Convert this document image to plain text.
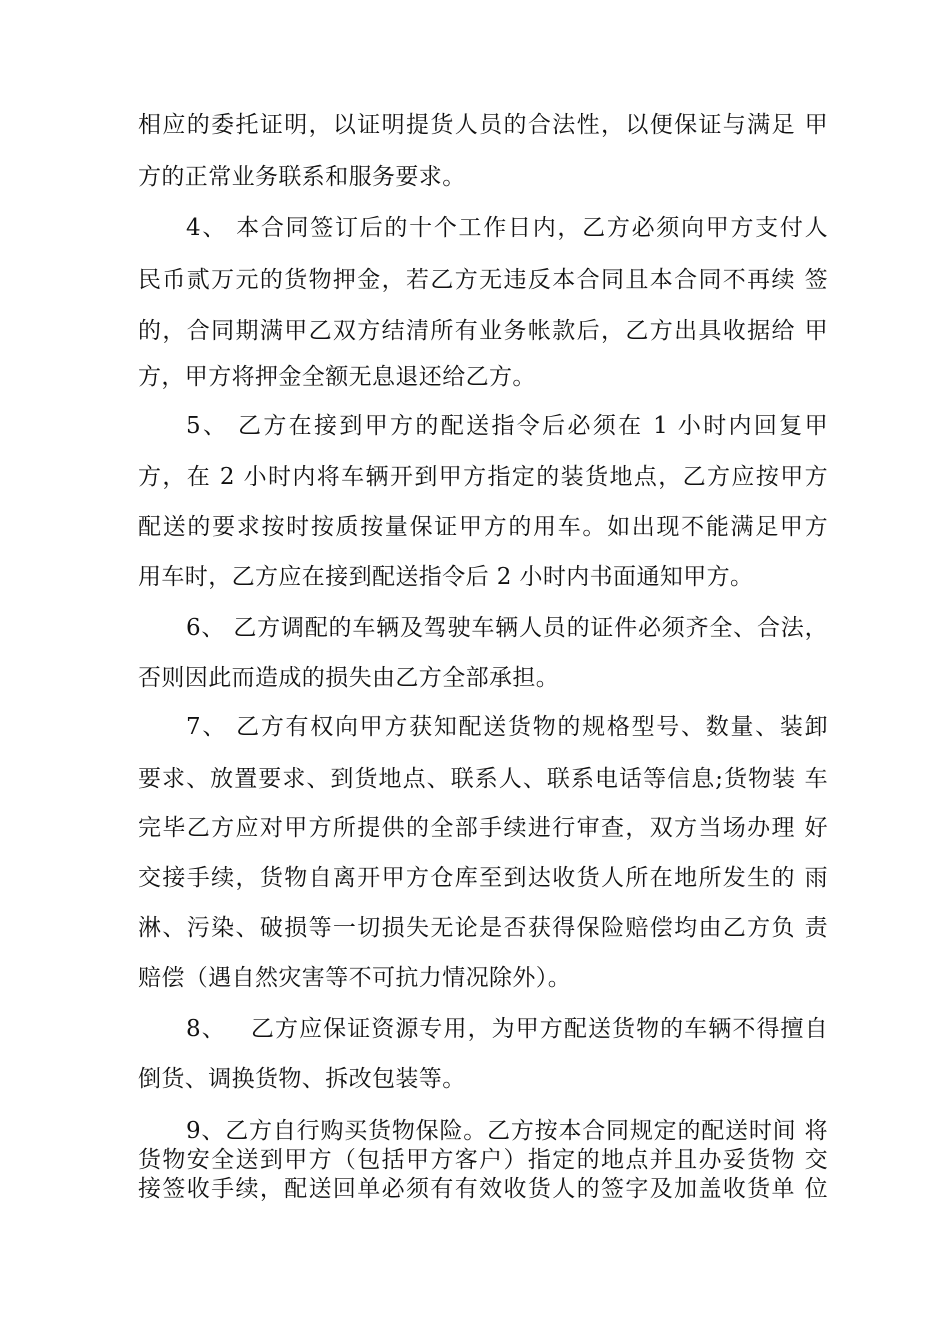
相应的委托证明，以证明提货人员的合法性，以便保证与满足 甲
方的正常业务联系和服务要求。
4、 本合同签订后的十个工作日内，乙方必须向甲方支付人
民币贰万元的货物押金，若乙方无违反本合同且本合同不再续 签
的，合同期满甲乙双方结清所有业务帐款后，乙方出具收据给 甲
方，甲方将押金全额无息退还给乙方。
5、 乙方在接到甲方的配送指令后必须在 1 小时内回复甲
方，在 2 小时内将车辆开到甲方指定的装货地点，乙方应按甲方
配送的要求按时按质按量保证甲方的用车。如出现不能满足甲方
用车时，乙方应在接到配送指令后 2 小时内书面通知甲方。
6、 乙方调配的车辆及驾驶车辆人员的证件必须齐全、合法，
否则因此而造成的损失由乙方全部承担。
7、 乙方有权向甲方获知配送货物的规格型号、数量、装卸
要求、放置要求、到货地点、联系人、联系电话等信息;货物装 车
完毕乙方应对甲方所提供的全部手续进行审查，双方当场办理 好
交接手续，货物自离开甲方仓库至到达收货人所在地所发生的 雨
淋、污染、破损等一切损失无论是否获得保险赔偿均由乙方负 责
赔偿（遇自然灾害等不可抗力情况除外）。
8、   乙方应保证资源专用，为甲方配送货物的车辆不得擅自
倒货、调换货物、拆改包装等。
9、乙方自行购买货物保险。乙方按本合同规定的配送时间 将
货物安全送到甲方（包括甲方客户）指定的地点并且办妥货物 交
接签收手续，配送回单必须有有效收货人的签字及加盖收货单 位
